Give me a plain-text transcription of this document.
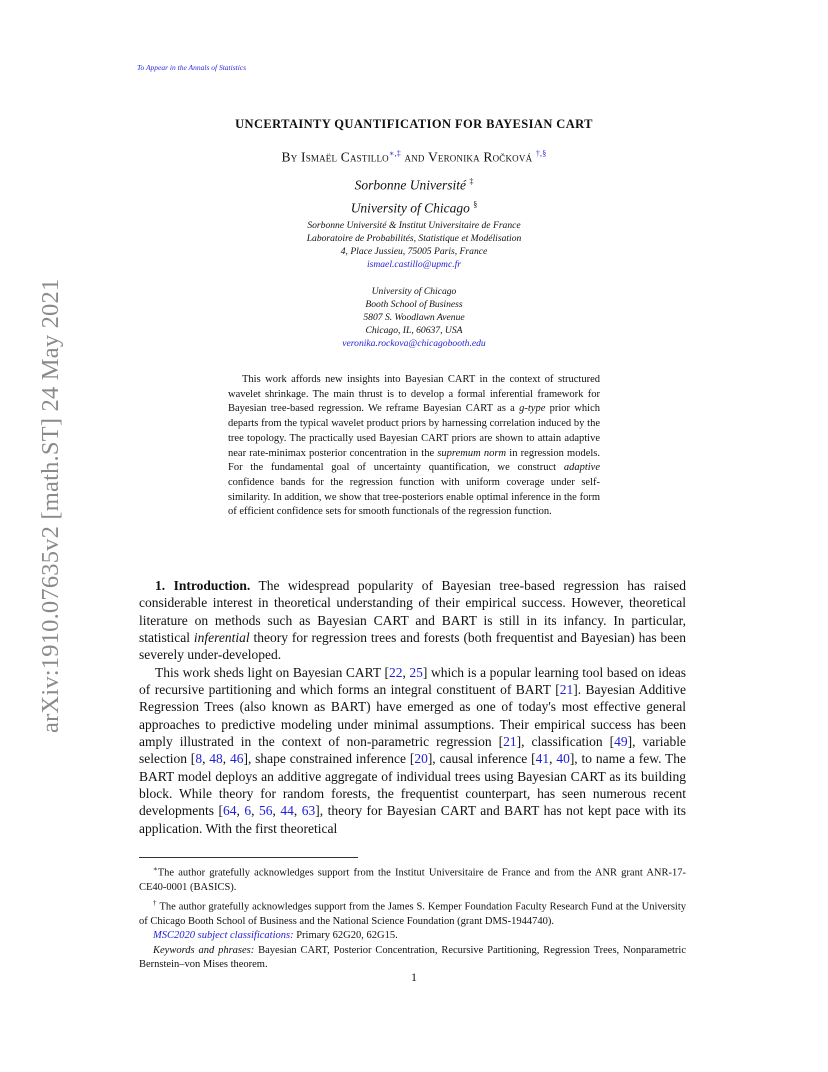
arXiv:1910.07635v2 [math.ST] 24 May 2021
To Appear in the Annals of Statistics
UNCERTAINTY QUANTIFICATION FOR BAYESIAN CART
By Ismaël Castillo∗,‡ and Veronika Ročková †,§
Sorbonne Université ‡
University of Chicago §
Sorbonne Université & Institut Universitaire de France
Laboratoire de Probabilités, Statistique et Modélisation
4, Place Jussieu, 75005 Paris, France
ismael.castillo@upmc.fr
University of Chicago
Booth School of Business
5807 S. Woodlawn Avenue
Chicago, IL, 60637, USA
veronika.rockova@chicagobooth.edu

This work affords new insights into Bayesian CART in the context of structured wavelet shrinkage. The main thrust is to develop a formal inferential framework for Bayesian tree-based regression. We reframe Bayesian CART as a g-type prior which departs from the typical wavelet product priors by harnessing correlation induced by the tree topology. The practically used Bayesian CART priors are shown to attain adaptive near rate-minimax posterior concentration in the supremum norm in regression models. For the fundamental goal of uncertainty quantification, we construct adaptive confidence bands for the regression function with uniform coverage under self-similarity. In addition, we show that tree-posteriors enable optimal inference in the form of efficient confidence sets for smooth functionals of the regression function.

1. Introduction. The widespread popularity of Bayesian tree-based regression has raised considerable interest in theoretical understanding of their empirical success. However, theoretical literature on methods such as Bayesian CART and BART is still in its infancy. In particular, statistical inferential theory for regression trees and forests (both frequentist and Bayesian) has been severely under-developed.

This work sheds light on Bayesian CART [22, 25] which is a popular learning tool based on ideas of recursive partitioning and which forms an integral constituent of BART [21]. Bayesian Additive Regression Trees (also known as BART) have emerged as one of today's most effective general approaches to predictive modeling under minimal assumptions. Their empirical success has been amply illustrated in the context of non-parametric regression [21], classification [49], variable selection [8, 48, 46], shape constrained inference [20], causal inference [41, 40], to name a few. The BART model deploys an additive aggregate of individual trees using Bayesian CART as its building block. While theory for random forests, the frequentist counterpart, has seen numerous recent developments [64, 6, 56, 44, 63], theory for Bayesian CART and BART has not kept pace with its application. With the first theoretical

∗The author gratefully acknowledges support from the Institut Universitaire de France and from the ANR grant ANR-17-CE40-0001 (BASICS).

† The author gratefully acknowledges support from the James S. Kemper Foundation Faculty Research Fund at the University of Chicago Booth School of Business and the National Science Foundation (grant DMS-1944740).

MSC2020 subject classifications: Primary 62G20, 62G15.

Keywords and phrases: Bayesian CART, Posterior Concentration, Recursive Partitioning, Regression Trees, Nonparametric Bernstein–von Mises theorem.

1
